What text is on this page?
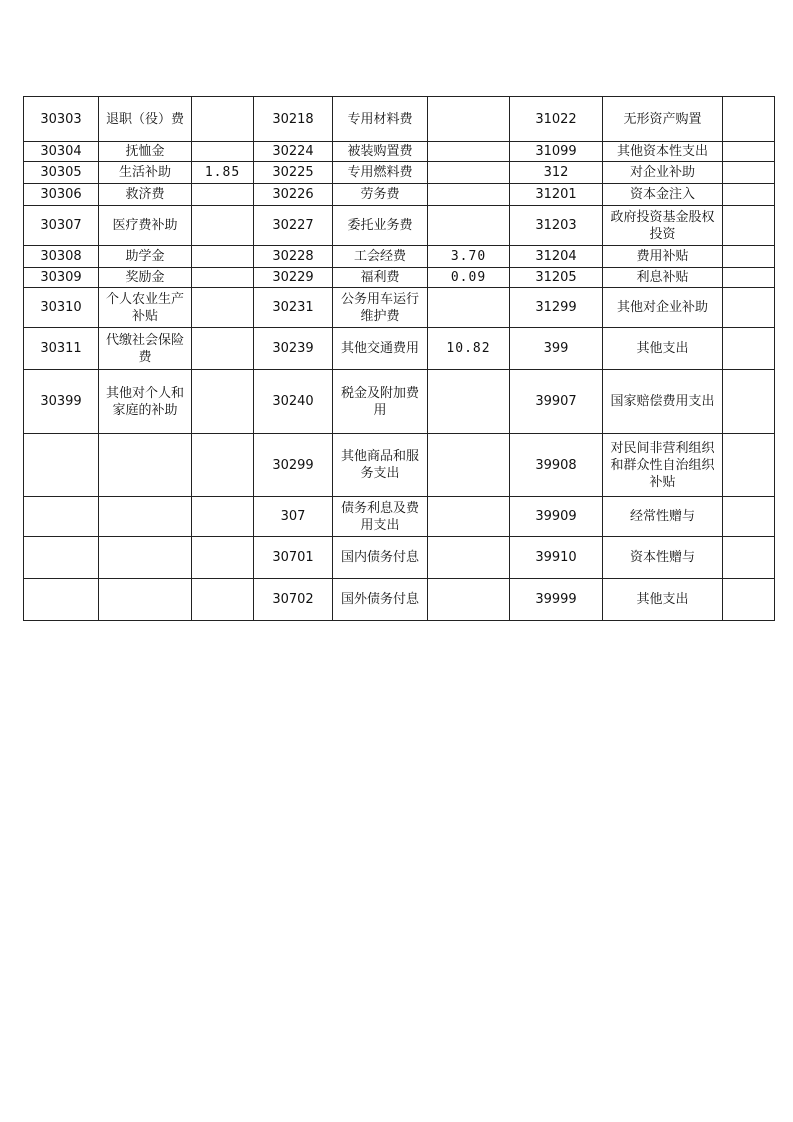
30303	退职（役）费		30218	专用材料费		31022	无形资产购置	
30304	抚恤金		30224	被装购置费		31099	其他资本性支出	
30305	生活补助	1.85	30225	专用燃料费		312	对企业补助	
30306	救济费		30226	劳务费		31201	资本金注入	
30307	医疗费补助		30227	委托业务费		31203	政府投资基金股权投资	
30308	助学金		30228	工会经费	3.70	31204	费用补贴	
30309	奖励金		30229	福利费	0.09	31205	利息补贴	
30310	个人农业生产补贴		30231	公务用车运行维护费		31299	其他对企业补助	
30311	代缴社会保险费		30239	其他交通费用	10.82	399	其他支出	
30399	其他对个人和家庭的补助		30240	税金及附加费用		39907	国家赔偿费用支出	
			30299	其他商品和服务支出		39908	对民间非营利组织和群众性自治组织补贴	
			307	债务利息及费用支出		39909	经常性赠与	
			30701	国内债务付息		39910	资本性赠与	
			30702	国外债务付息		39999	其他支出	
